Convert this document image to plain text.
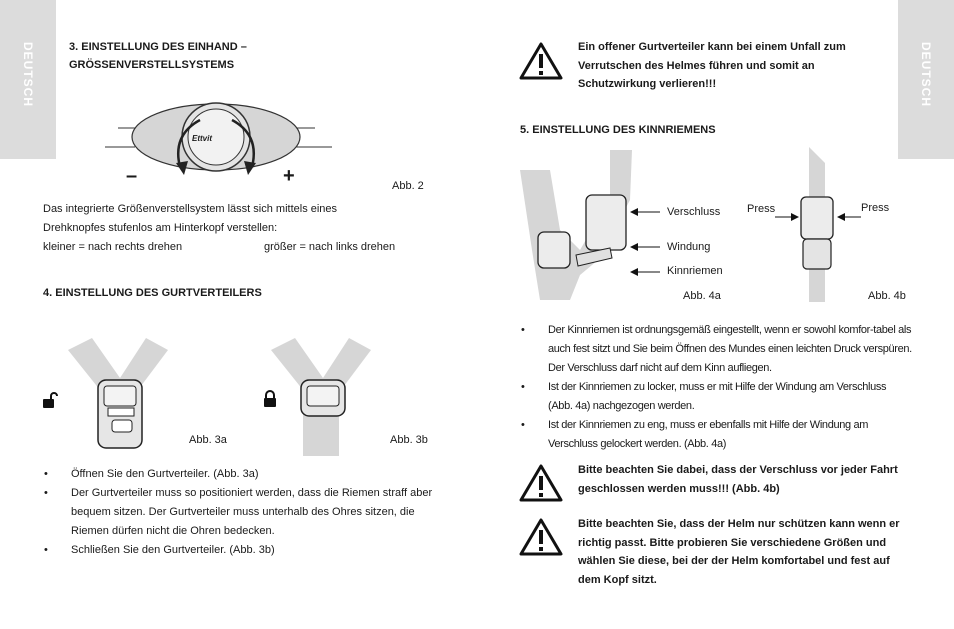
DEUTSCH	DEUTSCH
3. EINSTELLUNG DES EINHAND –
GRÖSSENVERSTELLSYSTEMS
Ettvit
–	+	Abb. 2
Das integrierte Größenverstellsystem lässt sich mittels eines
Drehknopfes stufenlos am Hinterkopf verstellen:
kleiner = nach rechts drehen	größer = nach links drehen
4. EINSTELLUNG DES GURTVERTEILERS
Abb. 3a	Abb. 3b
• Öffnen Sie den Gurtverteiler. (Abb. 3a)
• Der Gurtverteiler muss so positioniert werden, dass die Riemen straff aber bequem sitzen. Der Gurtverteiler muss unterhalb des Ohres sitzen, die Riemen dürfen nicht die Ohren bedecken.
• Schließen Sie den Gurtverteiler. (Abb. 3b)
Ein offener Gurtverteiler kann bei einem Unfall zum Verrutschen des Helmes führen und somit an Schutzwirkung verlieren!!!
5. EINSTELLUNG DES KINNRIEMENS
Verschluss
Windung
Kinnriemen
Abb. 4a
Press	Press
Abb. 4b
• Der Kinnriemen ist ordnungsgemäß eingestellt, wenn er sowohl komfor-tabel als auch fest sitzt und Sie beim Öffnen des Mundes einen leichten Druck verspüren. Der Verschluss darf nicht auf dem Kinn aufliegen.
• Ist der Kinnriemen zu locker, muss er mit Hilfe der Windung am Verschluss (Abb. 4a) nachgezogen werden.
• Ist der Kinnriemen zu eng, muss er ebenfalls mit Hilfe der Windung am Verschluss gelockert werden. (Abb. 4a)
Bitte beachten Sie dabei, dass der Verschluss vor jeder Fahrt geschlossen werden muss!!! (Abb. 4b)
Bitte beachten Sie, dass der Helm nur schützen kann wenn er richtig passt. Bitte probieren Sie verschiedene Größen und wählen Sie diese, bei der der Helm komfortabel und fest auf dem Kopf sitzt.
